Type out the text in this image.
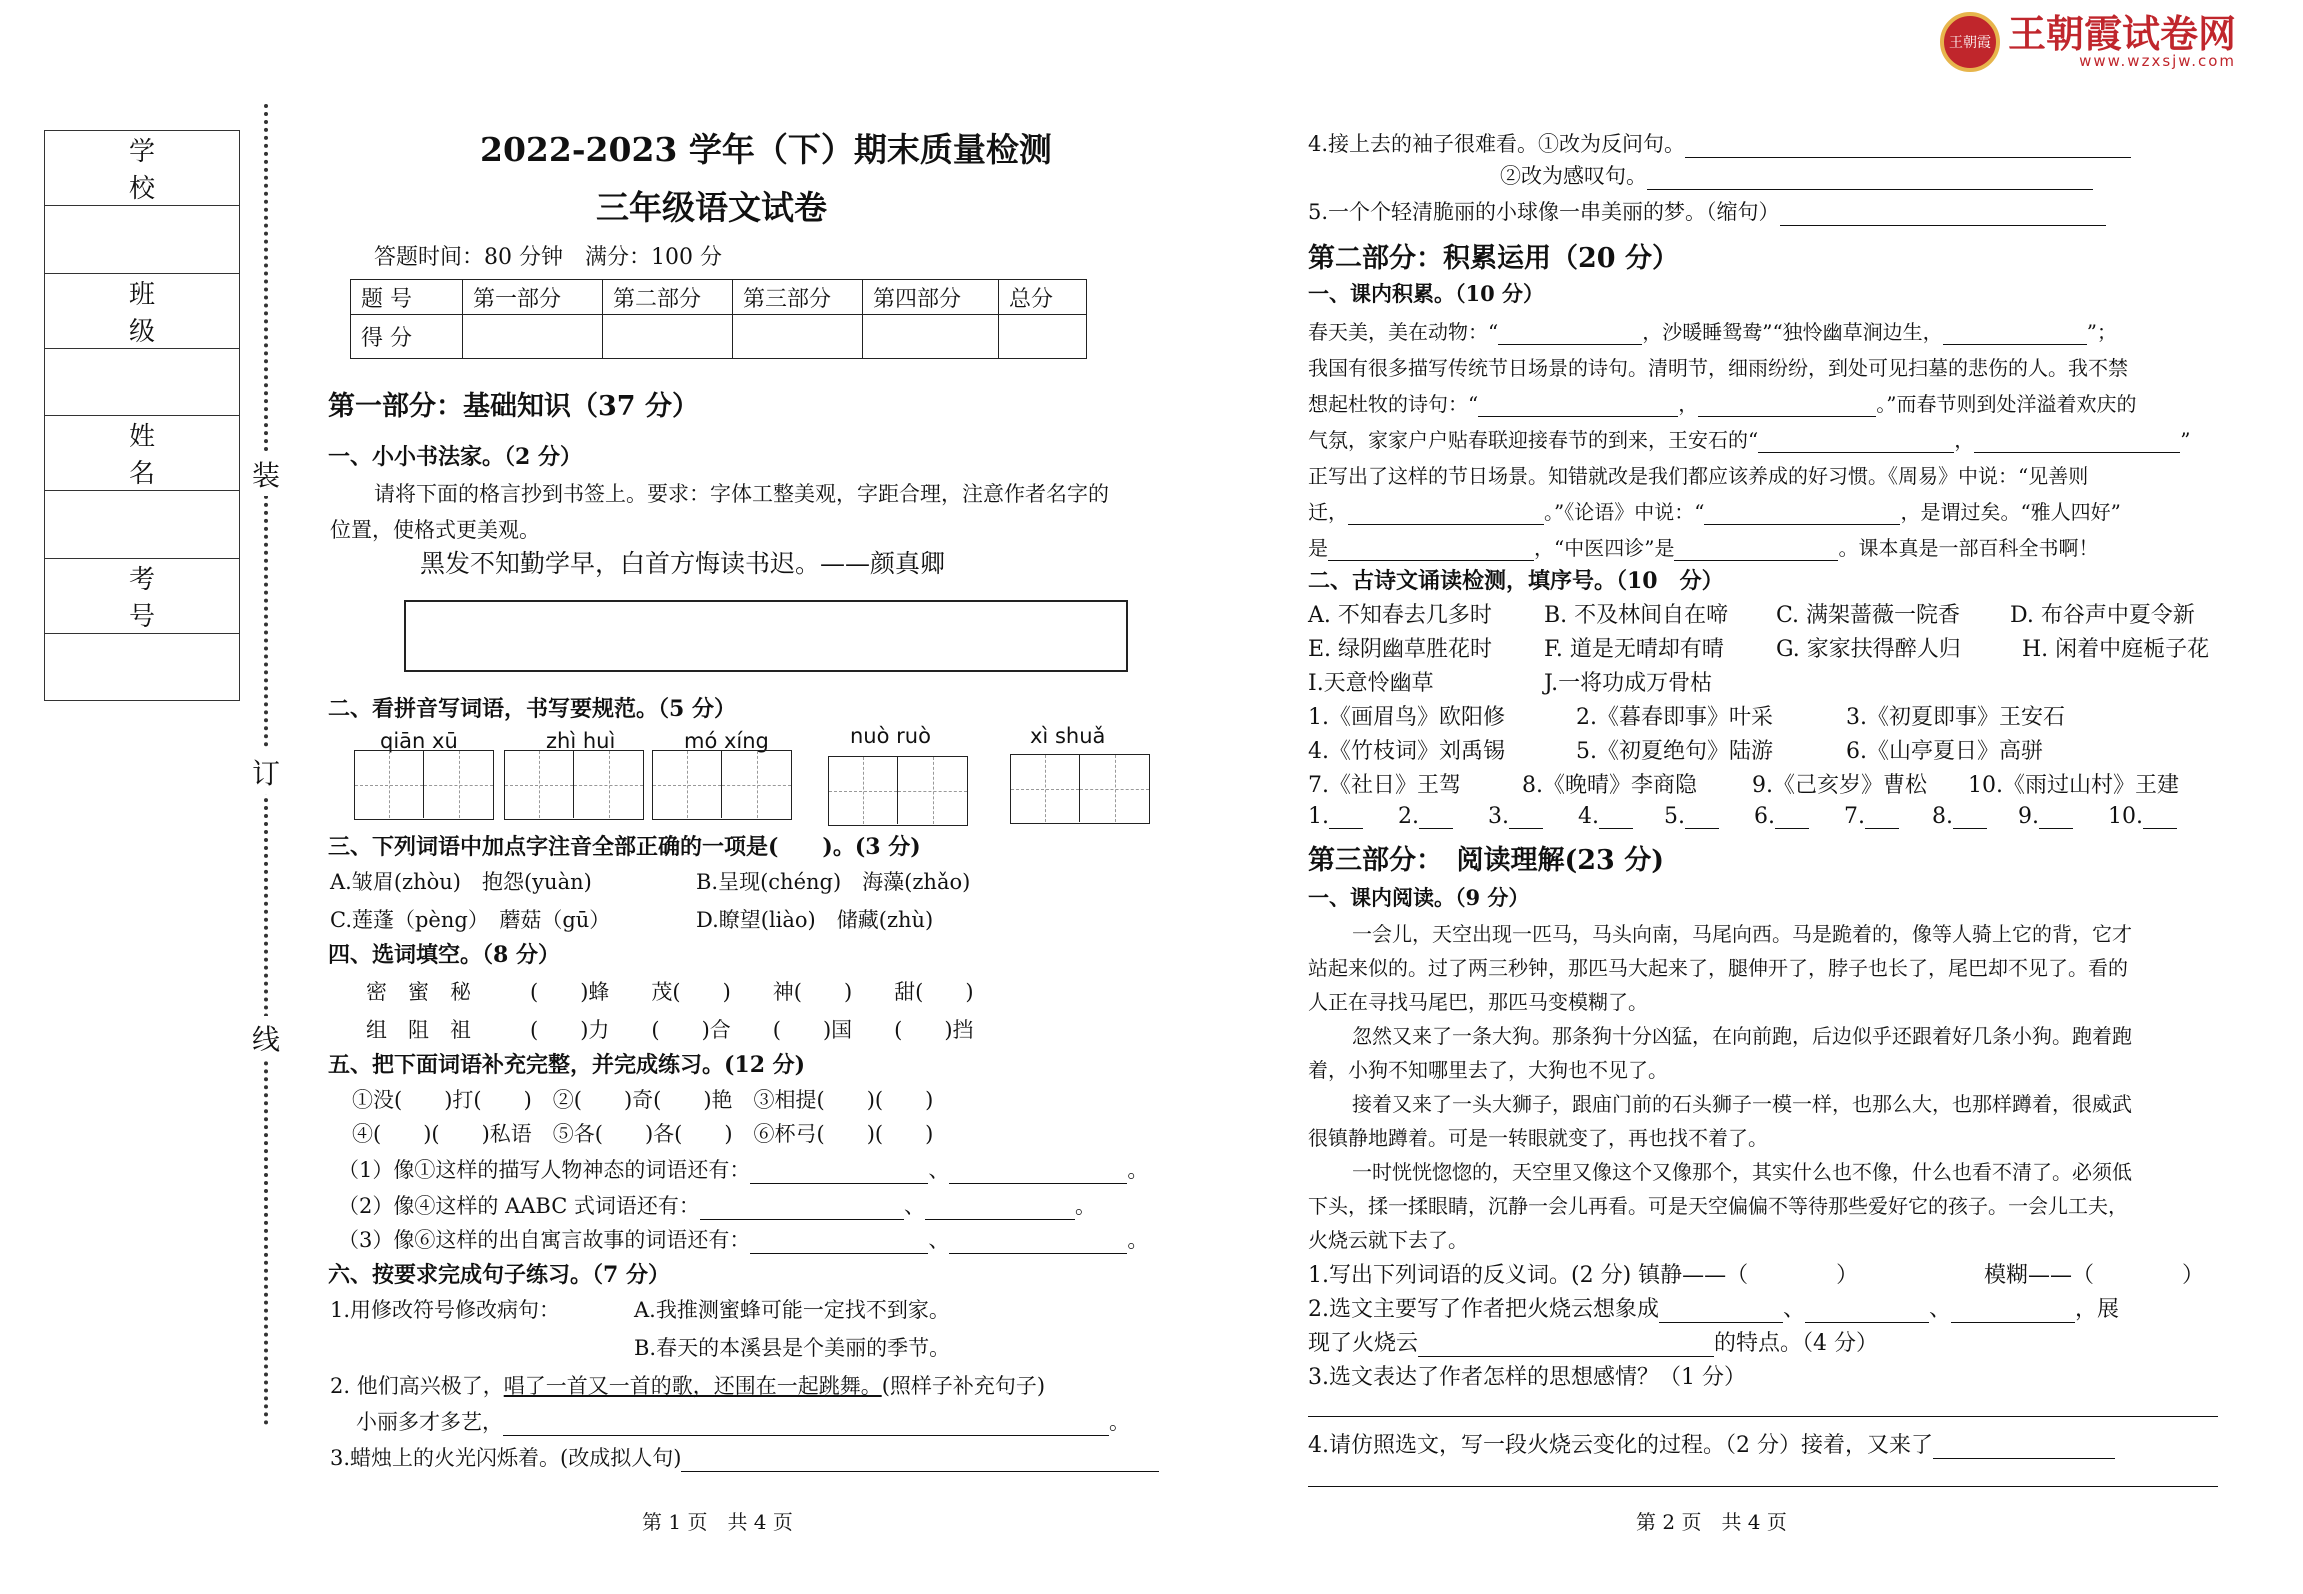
王朝霞 王朝霞试卷网
www.wzxsjw.com
学 校

班 级

姓 名

考 号

装
订
线
2022-2023 学年（下）期末质量检测
三年级语文试卷
答题时间：80 分钟　满分：100 分
题 号	第一部分	第二部分	第三部分	第四部分	总分
得 分					
第一部分：基础知识（37 分）
一、小小书法家。（2 分）
请将下面的格言抄到书签上。要求：字体工整美观，字距合理，注意作者名字的
位置，使格式更美观。
黑发不知勤学早，白首方悔读书迟。——颜真卿
二、看拼音写词语，书写要规范。（5 分）
qiān xū	zhì huì	mó xíng	nuò ruò	xì shuǎ
三、下列词语中加点字注音全部正确的一项是(　　)。(3 分)
A.皱眉(zhòu)　抱怨(yuàn)	B.呈现(chéng)　海藻(zhǎo)
C.莲蓬（pèng）　蘑菇（gū）	D.瞭望(liào)　储藏(zhù)
四、选词填空。（8 分）
密　蜜　秘	(　　)蜂　　茂(　　)　　神(　　)　　甜(　　)
组　阻　祖	(　　)力　　(　　)合　　(　　)国　　(　　)挡
五、把下面词语补充完整，并完成练习。(12 分)
①没(　　)打(　　)　②(　　)奇(　　)艳　③相提(　　)(　　)
④(　　)(　　)私语　⑤各(　　)各(　　)　⑥杯弓(　　)(　　)
（1）像①这样的描写人物神态的词语还有：	、	。
（2）像④这样的 AABC 式词语还有：	、	。
（3）像⑥这样的出自寓言故事的词语还有：	、	。
六、按要求完成句子练习。（7 分）
1.用修改符号修改病句：	A.我推测蜜蜂可能一定找不到家。
B.春天的本溪县是个美丽的季节。
2. 他们高兴极了，唱了一首又一首的歌，还围在一起跳舞。(照样子补充句子)
小丽多才多艺，	。
3.蜡烛上的火光闪烁着。(改成拟人句)
第 1 页　共 4 页
4.接上去的袖子很难看。①改为反问句。
②改为感叹句。
5.一个个轻清脆丽的小球像一串美丽的梦。（缩句）
第二部分：积累运用（20 分）
一、课内积累。（10 分）
春天美，美在动物：“	，沙暖睡鸳鸯”“独怜幽草涧边生，	”；
我国有很多描写传统节日场景的诗句。清明节，细雨纷纷，到处可见扫墓的悲伤的人。我不禁
想起杜牧的诗句：“	，	。”而春节则到处洋溢着欢庆的
气氛，家家户户贴春联迎接春节的到来，王安石的“	，	”
正写出了这样的节日场景。知错就改是我们都应该养成的好习惯。《周易》中说：“见善则
迁，	。”《论语》中说：“	，是谓过矣。“雅人四好”
是	，“中医四诊”是	。课本真是一部百科全书啊！
二、古诗文诵读检测，填序号。（10　分）
A. 不知春去几多时 B. 不及林间自在啼 C. 满架蔷薇一院香 D. 布谷声中夏令新
E. 绿阴幽草胜花时 F. 道是无晴却有晴 G. 家家扶得醉人归	H. 闲着中庭栀子花
I.天意怜幽草	J.一将功成万骨枯
1.《画眉鸟》欧阳修	2.《暮春即事》叶采	3.《初夏即事》王安石
4.《竹枝词》刘禹锡	5.《初夏绝句》陆游	6.《山亭夏日》高骈
7.《社日》王驾	8.《晚晴》李商隐	9.《己亥岁》曹松 10.《雨过山村》王建
1.	2.	3.	4.	5.	6.	7.	8.	9.	10.
第三部分：　阅读理解(23 分)
一、课内阅读。（9 分）
一会儿，天空出现一匹马，马头向南，马尾向西。马是跪着的，像等人骑上它的背，它才
站起来似的。过了两三秒钟，那匹马大起来了，腿伸开了，脖子也长了，尾巴却不见了。看的
人正在寻找马尾巴，那匹马变模糊了。
忽然又来了一条大狗。那条狗十分凶猛，在向前跑，后边似乎还跟着好几条小狗。跑着跑
着，小狗不知哪里去了，大狗也不见了。
接着又来了一头大狮子，跟庙门前的石头狮子一模一样，也那么大，也那样蹲着，很威武
很镇静地蹲着。可是一转眼就变了，再也找不着了。
一时恍恍惚惚的，天空里又像这个又像那个，其实什么也不像，什么也看不清了。必须低
下头，揉一揉眼睛，沉静一会儿再看。可是天空偏偏不等待那些爱好它的孩子。一会儿工夫，
火烧云就下去了。
1.写出下列词语的反义词。(2 分) 镇静——（　　　　）	模糊——（　　　　）
2.选文主要写了作者把火烧云想象成	、	、	，展
现了火烧云	的特点。（4 分）
3.选文表达了作者怎样的思想感情？（1 分）
4.请仿照选文，写一段火烧云变化的过程。（2 分）接着，又来了
第 2 页　共 4 页
